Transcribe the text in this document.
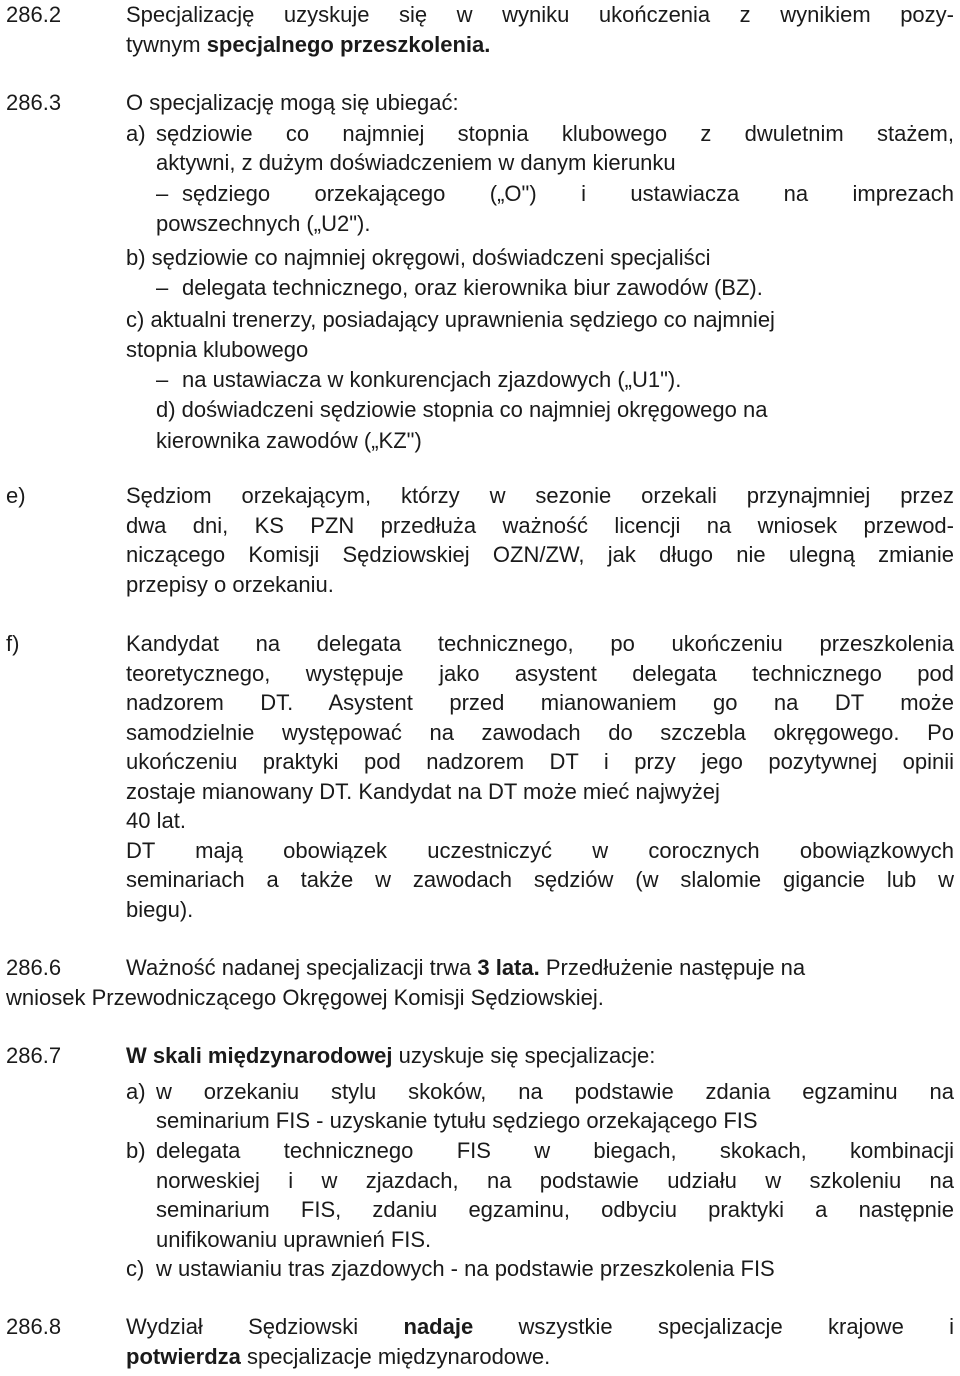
286.2	Specjalizację uzyskuje się w wyniku ukończenia z wynikiem pozy-
tywnym specjalnego przeszkolenia.
286.3	O specjalizację mogą się ubiegać:
a) sędziowie co najmniej stopnia klubowego z dwuletnim stażem,
aktywni, z dużym doświadczeniem w danym kierunku
– sędziego orzekającego („O") i ustawiacza na imprezach
powszechnych („U2").
b) sędziowie co najmniej okręgowi, doświadczeni specjaliści
– delegata technicznego, oraz kierownika biur zawodów (BZ).
c) aktualni trenerzy, posiadający uprawnienia sędziego co najmniej
stopnia klubowego
– na ustawiacza w konkurencjach zjazdowych („U1").
d) doświadczeni sędziowie stopnia co najmniej okręgowego na
kierownika zawodów („KZ")
e)	Sędziom orzekającym, którzy w sezonie orzekali przynajmniej przez
dwa dni, KS PZN przedłuża ważność licencji na wniosek przewod-
niczącego Komisji Sędziowskiej OZN/ZW, jak długo nie ulegną zmianie
przepisy o orzekaniu.
f)	Kandydat na delegata technicznego, po ukończeniu przeszkolenia
teoretycznego, występuje jako asystent delegata technicznego pod
nadzorem DT. Asystent przed mianowaniem go na DT może
samodzielnie występować na zawodach do szczebla okręgowego. Po
ukończeniu praktyki pod nadzorem DT i przy jego pozytywnej opinii
zostaje mianowany DT. Kandydat na DT może mieć najwyżej
40 lat.
DT mają obowiązek uczestniczyć w corocznych obowiązkowych
seminariach a także w zawodach sędziów (w slalomie gigancie lub w
biegu).
286.6	Ważność nadanej specjalizacji trwa 3 lata. Przedłużenie następuje na
wniosek Przewodniczącego Okręgowej Komisji Sędziowskiej.
286.7	W skali międzynarodowej uzyskuje się specjalizacje:
a) w orzekaniu stylu skoków, na podstawie zdania egzaminu na
seminarium FIS - uzyskanie tytułu sędziego orzekającego FIS
b) delegata technicznego FIS w biegach, skokach, kombinacji
norweskiej i w zjazdach, na podstawie udziału w szkoleniu na
seminarium FIS, zdaniu egzaminu, odbyciu praktyki a następnie
unifikowaniu uprawnień FIS.
c) w ustawianiu tras zjazdowych - na podstawie przeszkolenia FIS
286.8	Wydział Sędziowski nadaje wszystkie specjalizacje krajowe i
potwierdza specjalizacje międzynarodowe.
